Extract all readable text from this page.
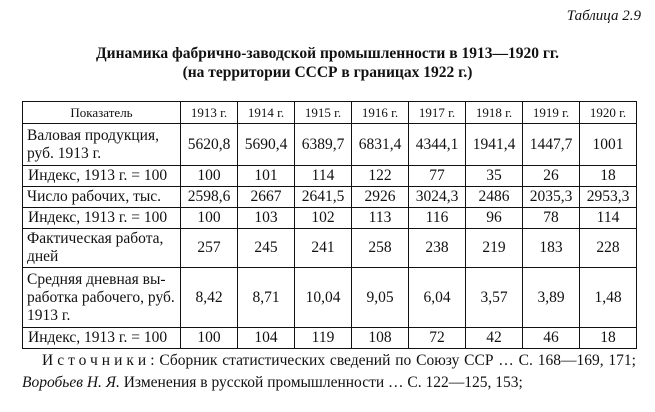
Таблица 2.9
Динамика фабрично-заводской промышленности в 1913—1920 гг.
(на территории СССР в границах 1922 г.)
Показатель	1913 г.	1914 г.	1915 г.	1916 г.	1917 г.	1918 г.	1919 г.	1920 г.
Валовая продукция, руб. 1913 г.	5620,8	5690,4	6389,7	6831,4	4344,1	1941,4	1447,7	1001
Индекс, 1913 г. = 100	100	101	114	122	77	35	26	18
Число рабочих, тыс.	2598,6	2667	2641,5	2926	3024,3	2486	2035,3	2953,3
Индекс, 1913 г. = 100	100	103	102	113	116	96	78	114
Фактическая работа, дней	257	245	241	258	238	219	183	228
Средняя дневная вы-работка рабочего, руб. 1913 г.	8,42	8,71	10,04	9,05	6,04	3,57	3,89	1,48
Индекс, 1913 г. = 100	100	104	119	108	72	42	46	18
Источники: Сборник статистических сведений по Союзу ССР … С. 168—169, 171; Воробьев Н. Я. Изменения в русской промышленности … С. 122—125, 153;
